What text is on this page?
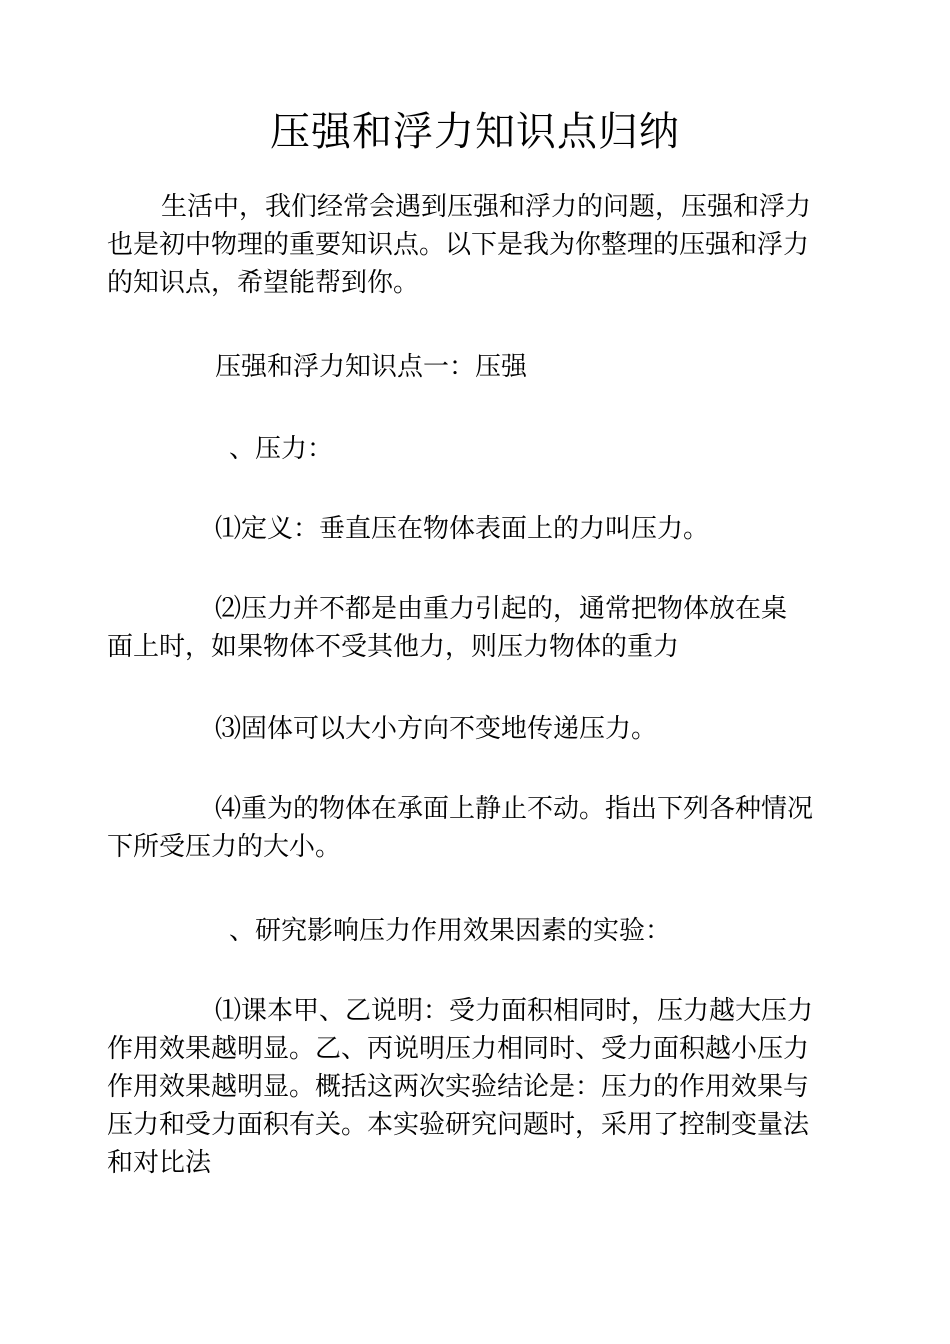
压强和浮力知识点归纳
生活中，我们经常会遇到压强和浮力的问题，压强和浮力
也是初中物理的重要知识点。以下是我为你整理的压强和浮力
的知识点，希望能帮到你。
压强和浮力知识点一：压强
、压力：
⑴定义：垂直压在物体表面上的力叫压力。
⑵压力并不都是由重力引起的，通常把物体放在桌
面上时，如果物体不受其他力，则压力物体的重力
⑶固体可以大小方向不变地传递压力。
⑷重为的物体在承面上静止不动。指出下列各种情况
下所受压力的大小。
、研究影响压力作用效果因素的实验：
⑴课本甲、乙说明：受力面积相同时，压力越大压力
作用效果越明显。乙、丙说明压力相同时、受力面积越小压力
作用效果越明显。概括这两次实验结论是：压力的作用效果与
压力和受力面积有关。本实验研究问题时，采用了控制变量法
和对比法
